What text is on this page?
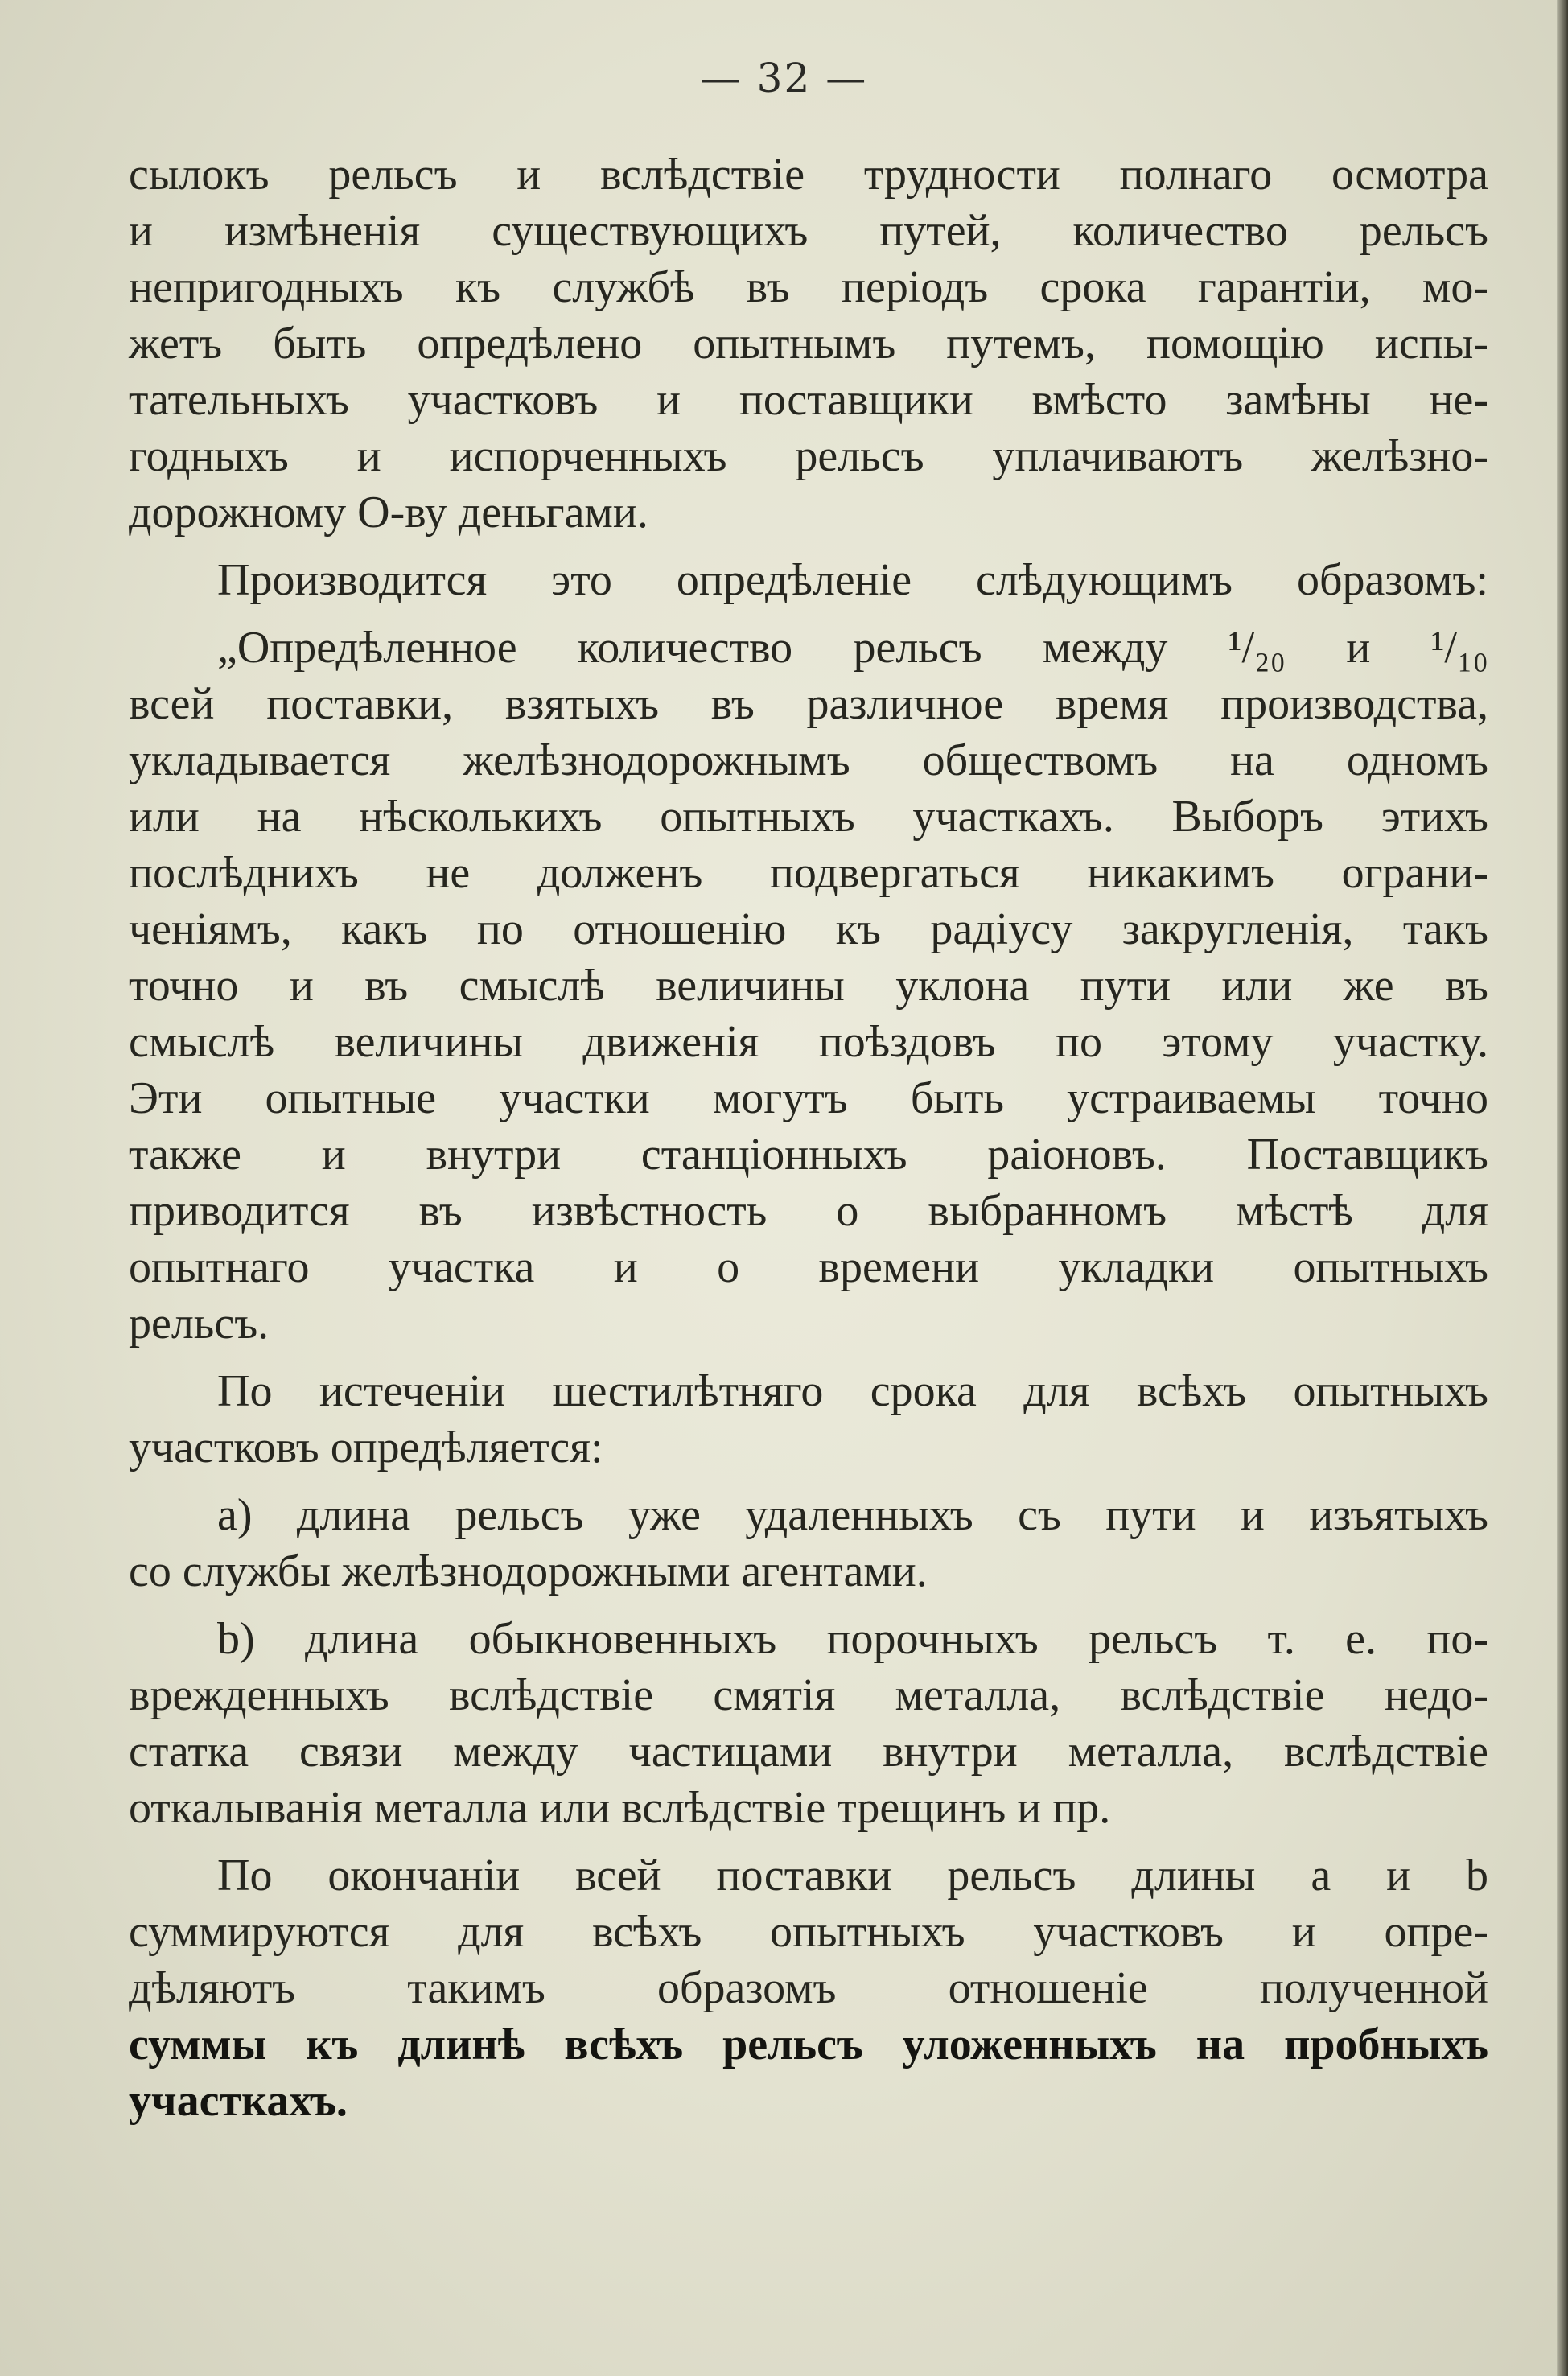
— 32 —
сылокъ рельсъ и вслѣдствіе трудности полнаго осмотра
и измѣненія существующихъ путей, количество рельсъ
непригодныхъ къ службѣ въ періодъ срока гарантіи, мо-
жетъ быть опредѣлено опытнымъ путемъ, помощію испы-
тательныхъ участковъ и поставщики вмѣсто замѣны не-
годныхъ и испорченныхъ рельсъ уплачиваютъ желѣзно-
дорожному О-ву деньгами.
Производится это опредѣленіе слѣдующимъ образомъ:
„Опредѣленное количество рельсъ между ¹/₂₀ и ¹/₁₀
всей поставки, взятыхъ въ различное время производства,
укладывается желѣзнодорожнымъ обществомъ на одномъ
или на нѣсколькихъ опытныхъ участкахъ. Выборъ этихъ
послѣднихъ не долженъ подвергаться никакимъ ограни-
ченіямъ, какъ по отношенію къ радіусу закругленія, такъ
точно и въ смыслѣ величины уклона пути или же въ
смыслѣ величины движенія поѣздовъ по этому участку.
Эти опытные участки могутъ быть устраиваемы точно
также и внутри станціонныхъ раіоновъ. Поставщикъ
приводится въ извѣстность о выбранномъ мѣстѣ для
опытнаго участка и о времени укладки опытныхъ
рельсъ.
По истеченіи шестилѣтняго срока для всѣхъ опытныхъ
участковъ опредѣляется:
a) длина рельсъ уже удаленныхъ съ пути и изъятыхъ
со службы желѣзнодорожными агентами.
b) длина обыкновенныхъ порочныхъ рельсъ т. е. по-
врежденныхъ вслѣдствіе смятія металла, вслѣдствіе недо-
статка связи между частицами внутри металла, вслѣдствіе
откалыванія металла или вслѣдствіе трещинъ и пр.
По окончаніи всей поставки рельсъ длины a и b
суммируются для всѣхъ опытныхъ участковъ и опре-
дѣляютъ такимъ образомъ отношеніе полученной
суммы къ длинѣ всѣхъ рельсъ уложенныхъ на пробныхъ
участкахъ.
